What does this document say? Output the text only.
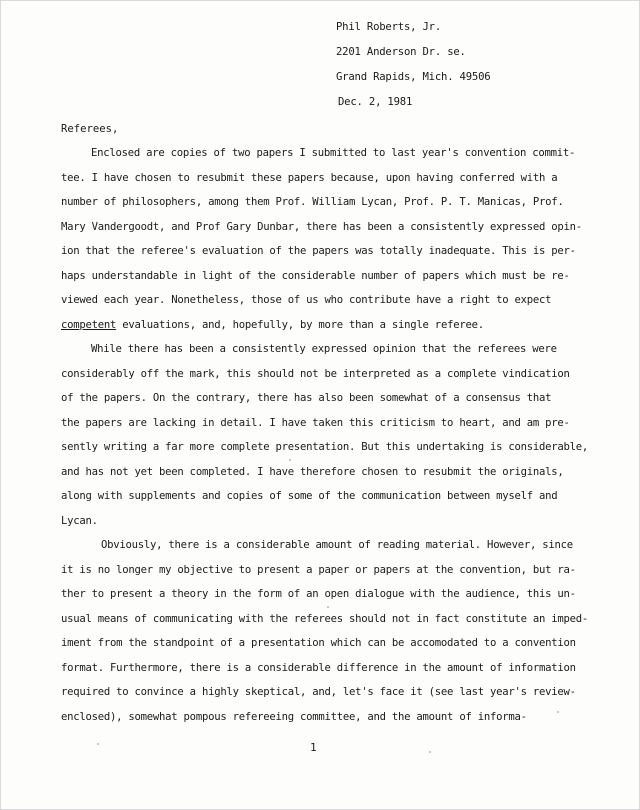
Phil Roberts, Jr.
2201 Anderson Dr. se.
Grand Rapids, Mich. 49506
Dec. 2, 1981
Referees,
Enclosed are copies of two papers I submitted to last year's convention commit-
tee. I have chosen to resubmit these papers because, upon having conferred with a
number of philosophers, among them Prof. William Lycan, Prof. P. T. Manicas, Prof.
Mary Vandergoodt, and Prof Gary Dunbar, there has been a consistently expressed opin-
ion that the referee's evaluation of the papers was totally inadequate. This is per-
haps understandable in light of the considerable number of papers which must be re-
viewed each year. Nonetheless, those of us who contribute have a right to expect
competent evaluations, and, hopefully, by more than a single referee.
While there has been a consistently expressed opinion that the referees were
considerably off the mark, this should not be interpreted as a complete vindication
of the papers. On the contrary, there has also been somewhat of a consensus that
the papers are lacking in detail. I have taken this criticism to heart, and am pre-
sently writing a far more complete presentation. But this undertaking is considerable,
and has not yet been completed. I have therefore chosen to resubmit the originals,
along with supplements and copies of some of the communication between myself and
Lycan.
Obviously, there is a considerable amount of reading material. However, since
it is no longer my objective to present a paper or papers at the convention, but ra-
ther to present a theory in the form of an open dialogue with the audience, this un-
usual means of communicating with the referees should not in fact constitute an imped-
iment from the standpoint of a presentation which can be accomodated to a convention
format. Furthermore, there is a considerable difference in the amount of information
required to convince a highly skeptical, and, let's face it (see last year's review-
enclosed), somewhat pompous refereeing committee, and the amount of informa-
1
